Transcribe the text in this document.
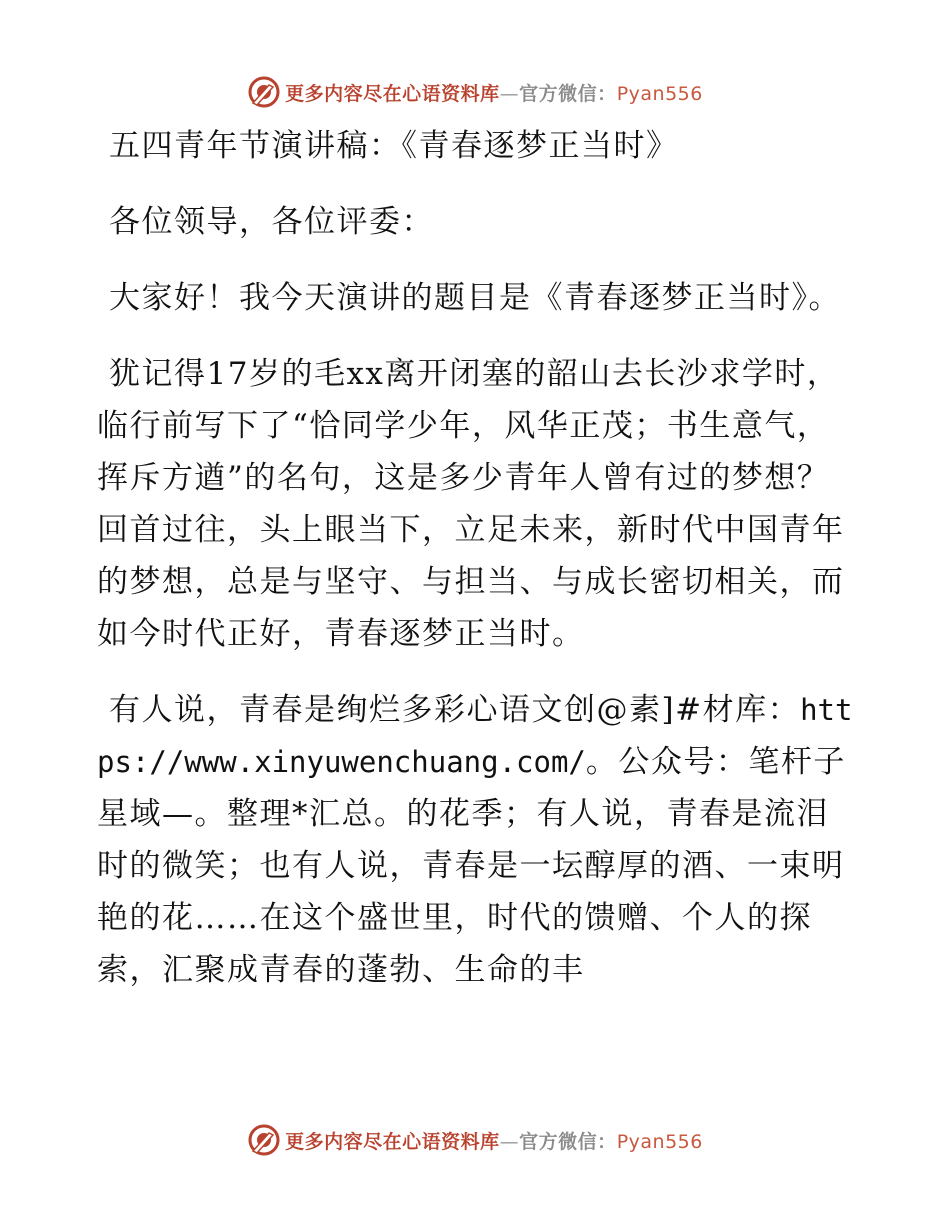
更多内容尽在心语资料库—官方微信：Pyan556

五四青年节演讲稿：《青春逐梦正当时》

各位领导，各位评委：

大家好！我今天演讲的题目是《青春逐梦正当时》。

犹记得17岁的毛xx离开闭塞的韶山去长沙求学时，临行前写下了“恰同学少年，风华正茂；书生意气，挥斥方遒”的名句，这是多少青年人曾有过的梦想？回首过往，头上眼当下，立足未来，新时代中国青年的梦想，总是与坚守、与担当、与成长密切相关，而如今时代正好，青春逐梦正当时。

有人说，青春是绚烂多彩心语文创@素]#材库：https://www.xinyuwenchuang.com/。公众号：笔杆子星域—。整理*汇总。的花季；有人说，青春是流泪时的微笑；也有人说，青春是一坛醇厚的酒、一束明艳的花……在这个盛世里，时代的馈赠、个人的探索，汇聚成青春的蓬勃、生命的丰

更多内容尽在心语资料库—官方微信：Pyan556
